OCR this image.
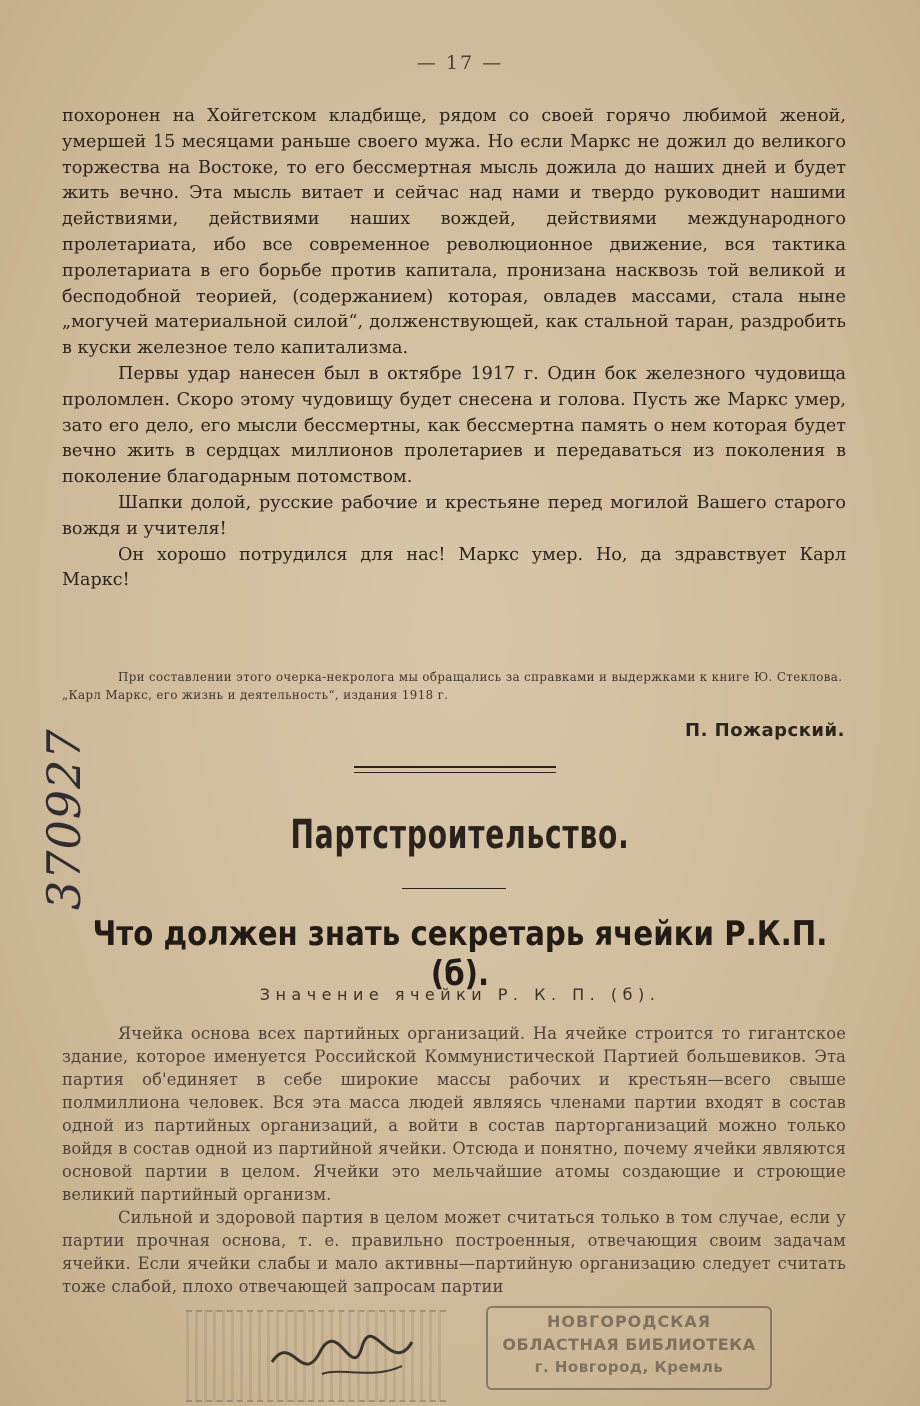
— 17 —

похоронен на Хойгетском кладбище, рядом со своей горячо любимой женой, умершей 15 месяцами раньше своего мужа. Но если Маркс не дожил до великого торжества на Востоке, то его бессмертная мысль дожила до наших дней и будет жить вечно. Эта мысль витает и сейчас над нами и твердо руководит нашими действиями, действиями наших вождей, действиями международного пролетариата, ибо все современное революционное движение, вся тактика пролетариата в его борьбе против капитала, пронизана насквозь той великой и бесподобной теорией, (содержанием) которая, овладев массами, стала ныне „могучей материальной силой“, долженствующей, как стальной таран, раздробить в куски железное тело капитализма.

Первы удар нанесен был в октябре 1917 г. Один бок железного чудовища проломлен. Скоро этому чудовищу будет снесена и голова. Пусть же Маркс умер, зато его дело, его мысли бессмертны, как бессмертна память о нем которая будет вечно жить в сердцах миллионов пролетариев и передаваться из поколения в поколение благодарным потомством.

Шапки долой, русские рабочие и крестьяне перед могилой Вашего старого вождя и учителя!

Он хорошо потрудился для нас! Маркс умер. Но, да здравствует Карл Маркс!

При составлении этого очерка-некролога мы обращались за справками и выдержками к книге Ю. Стеклова. „Карл Маркс, его жизнь и деятельность“, издания 1918 г.

П. Пожарский.
Партстроительство.
Что должен знать секретарь ячейки Р.К.П. (б).
Значение ячейки Р. К. П. (б).

Ячейка основа всех партийных организаций. На ячейке строится то гигантское здание, которое именуется Российской Коммунистической Партией большевиков. Эта партия об'единяет в себе широкие массы рабочих и крестьян—всего свыше полмиллиона человек. Вся эта масса людей являясь членами партии входят в состав одной из партийных организаций, а войти в состав парторганизаций можно только войдя в состав одной из партийной ячейки. Отсюда и понятно, почему ячейки являются основой партии в целом. Ячейки это мельчайшие атомы создающие и строющие великий партийный организм.

Сильной и здоровой партия в целом может считаться только в том случае, если у партии прочная основа, т. е. правильно построенныя, отвечающия своим задачам ячейки. Если ячейки слабы и мало активны—партийную организацию следует считать тоже слабой, плохо отвечающей запросам партии

370927
НОВГОРОДСКАЯ
ОБЛАСТНАЯ БИБЛИОТЕКА
г. Новгород, Кремль
